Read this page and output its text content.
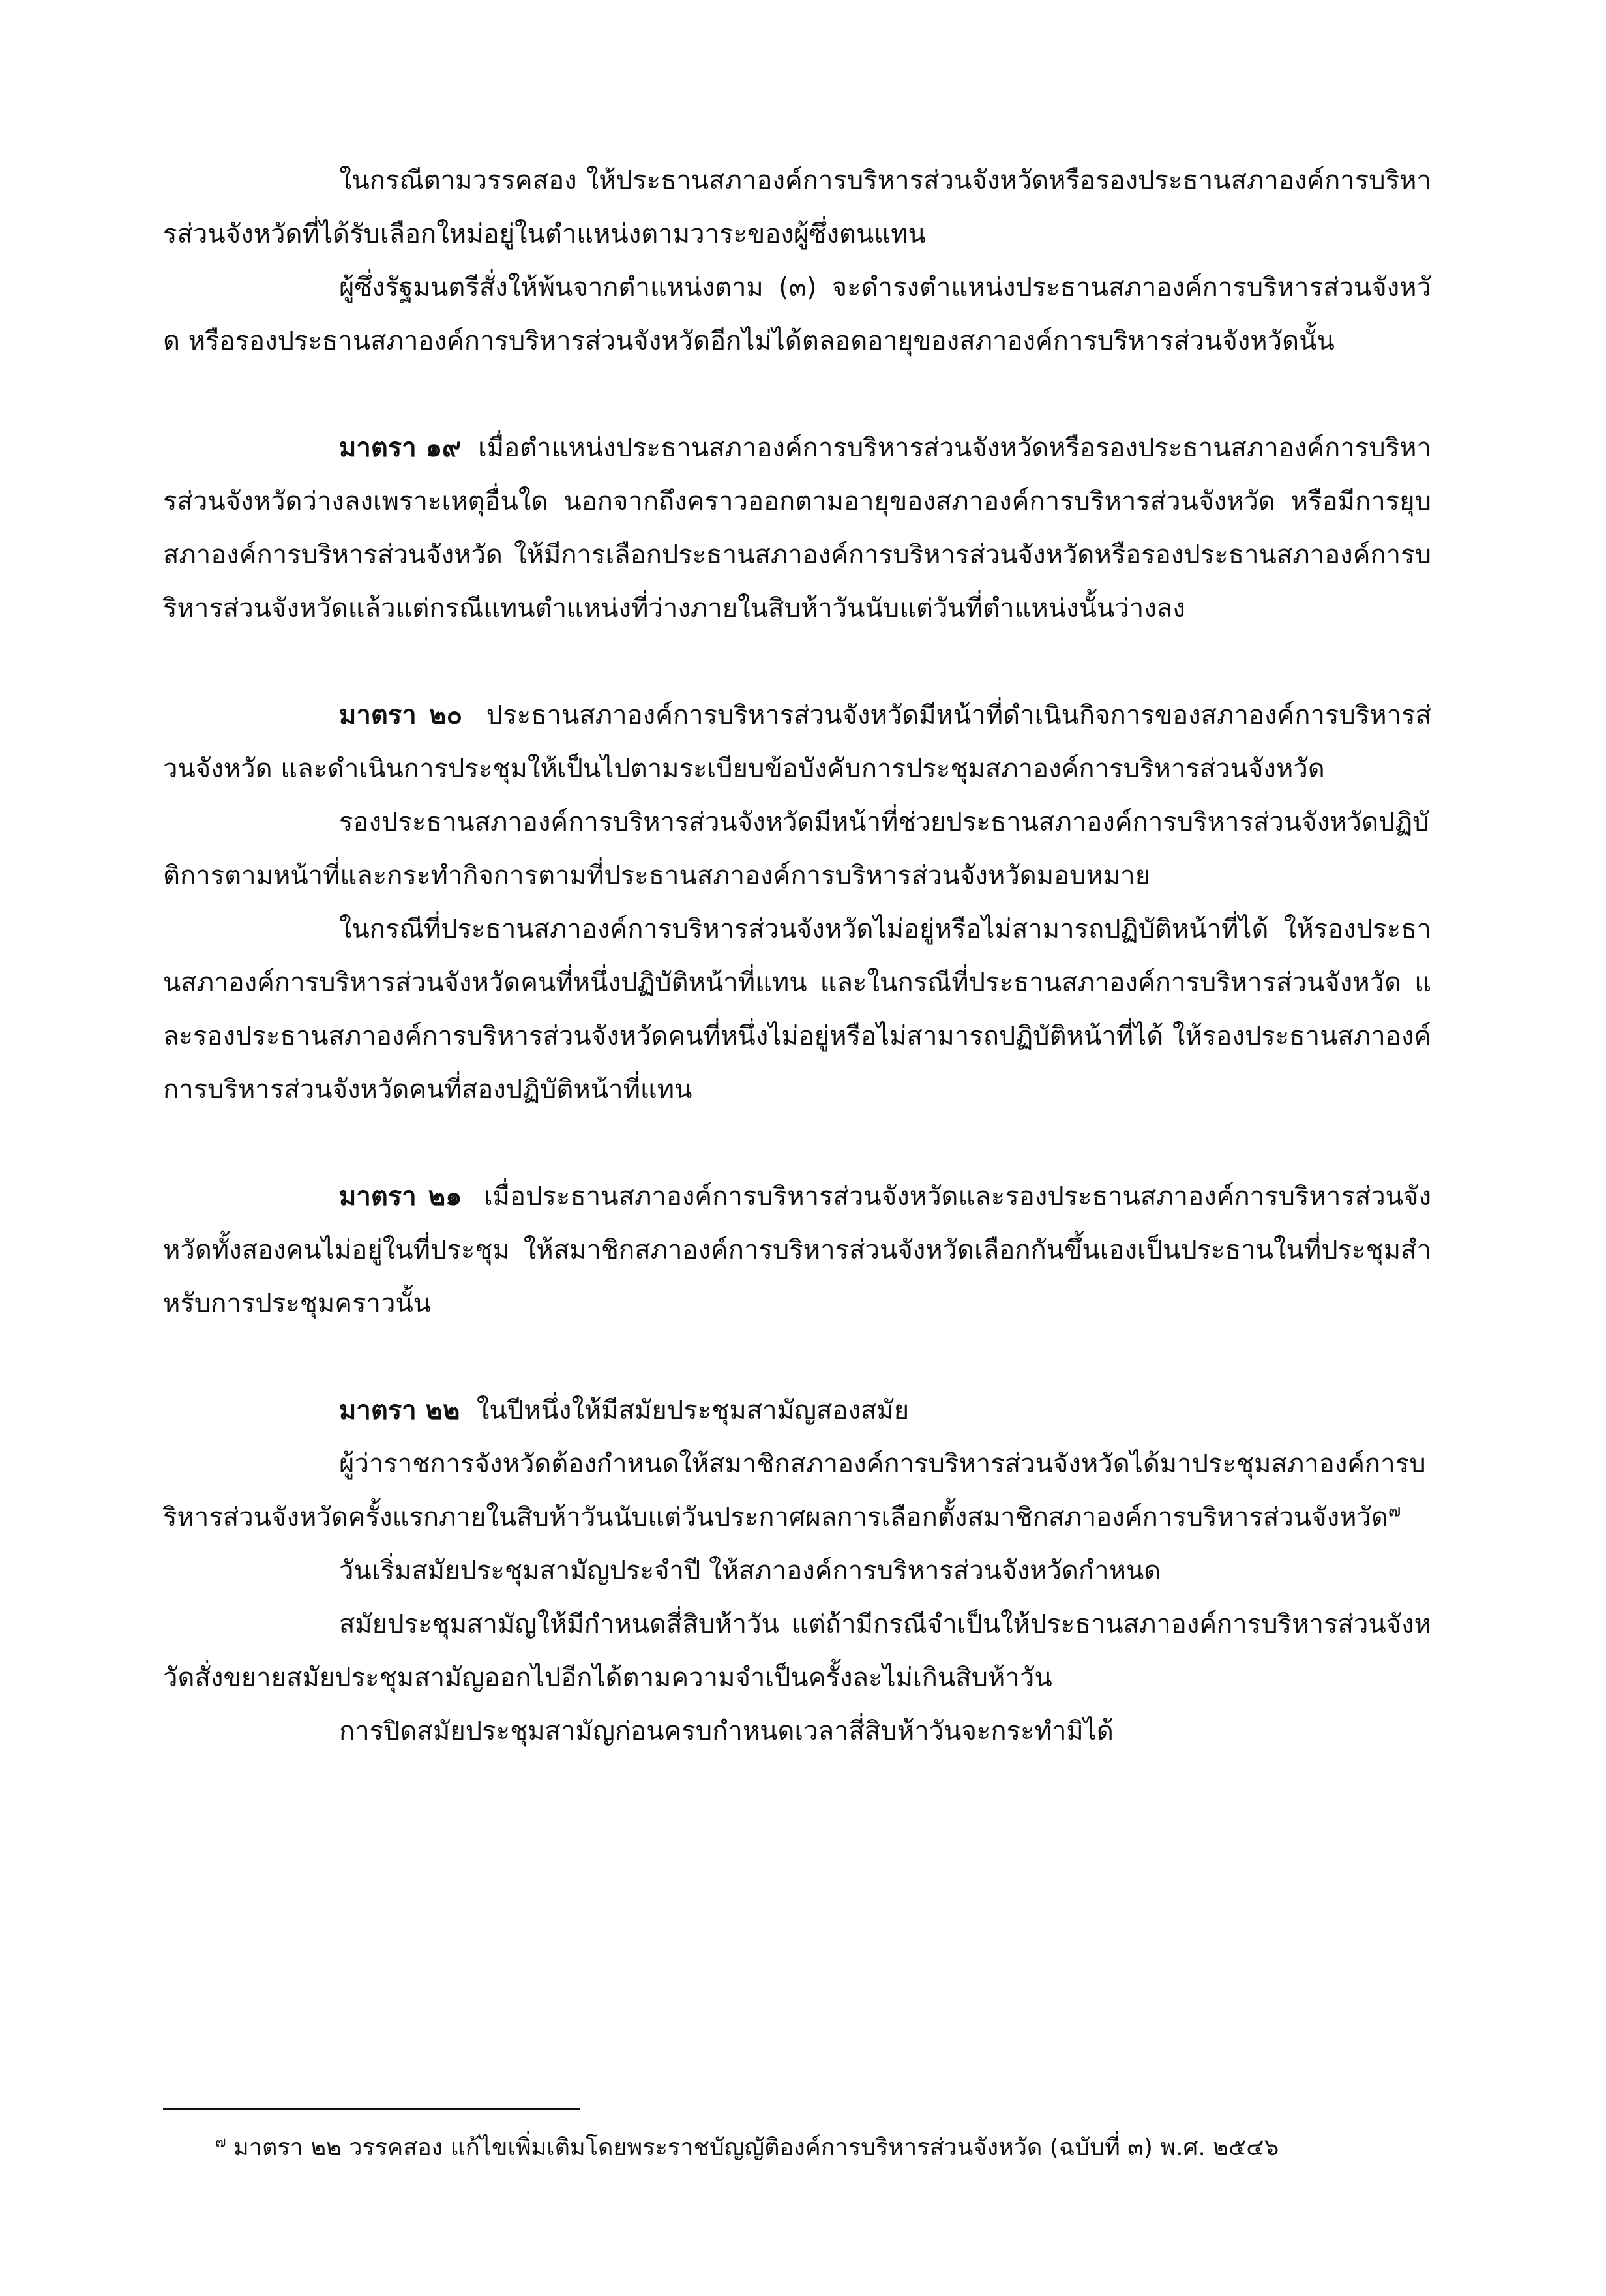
ในกรณีตามวรรคสอง ให้ประธานสภาองค์การบริหารส่วนจังหวัดหรือรองประธานสภาองค์การบริหารส่วนจังหวัดที่ได้รับเลือกใหม่อยู่ในตำแหน่งตามวาระของผู้ซึ่งตนแทน

ผู้ซึ่งรัฐมนตรีสั่งให้พ้นจากตำแหน่งตาม (๓) จะดำรงตำแหน่งประธานสภาองค์การบริหารส่วนจังหวัด หรือรองประธานสภาองค์การบริหารส่วนจังหวัดอีกไม่ได้ตลอดอายุของสภาองค์การบริหารส่วนจังหวัดนั้น

มาตรา ๑๙ เมื่อตำแหน่งประธานสภาองค์การบริหารส่วนจังหวัดหรือรองประธานสภาองค์การบริหารส่วนจังหวัดว่างลงเพราะเหตุอื่นใด นอกจากถึงคราวออกตามอายุของสภาองค์การบริหารส่วนจังหวัด หรือมีการยุบสภาองค์การบริหารส่วนจังหวัด ให้มีการเลือกประธานสภาองค์การบริหารส่วนจังหวัดหรือรองประธานสภาองค์การบริหารส่วนจังหวัดแล้วแต่กรณีแทนตำแหน่งที่ว่างภายในสิบห้าวันนับแต่วันที่ตำแหน่งนั้นว่างลง

มาตรา ๒๐ ประธานสภาองค์การบริหารส่วนจังหวัดมีหน้าที่ดำเนินกิจการของสภาองค์การบริหารส่วนจังหวัด และดำเนินการประชุมให้เป็นไปตามระเบียบข้อบังคับการประชุมสภาองค์การบริหารส่วนจังหวัด

รองประธานสภาองค์การบริหารส่วนจังหวัดมีหน้าที่ช่วยประธานสภาองค์การบริหารส่วนจังหวัดปฏิบัติการตามหน้าที่และกระทำกิจการตามที่ประธานสภาองค์การบริหารส่วนจังหวัดมอบหมาย

ในกรณีที่ประธานสภาองค์การบริหารส่วนจังหวัดไม่อยู่หรือไม่สามารถปฏิบัติหน้าที่ได้ ให้รองประธานสภาองค์การบริหารส่วนจังหวัดคนที่หนึ่งปฏิบัติหน้าที่แทน และในกรณีที่ประธานสภาองค์การบริหารส่วนจังหวัด และรองประธานสภาองค์การบริหารส่วนจังหวัดคนที่หนึ่งไม่อยู่หรือไม่สามารถปฏิบัติหน้าที่ได้ ให้รองประธานสภาองค์การบริหารส่วนจังหวัดคนที่สองปฏิบัติหน้าที่แทน

มาตรา ๒๑ เมื่อประธานสภาองค์การบริหารส่วนจังหวัดและรองประธานสภาองค์การบริหารส่วนจังหวัดทั้งสองคนไม่อยู่ในที่ประชุม ให้สมาชิกสภาองค์การบริหารส่วนจังหวัดเลือกกันขึ้นเองเป็นประธานในที่ประชุมสำหรับการประชุมคราวนั้น

มาตรา ๒๒ ในปีหนึ่งให้มีสมัยประชุมสามัญสองสมัย

ผู้ว่าราชการจังหวัดต้องกำหนดให้สมาชิกสภาองค์การบริหารส่วนจังหวัดได้มาประชุมสภาองค์การบริหารส่วนจังหวัดครั้งแรกภายในสิบห้าวันนับแต่วันประกาศผลการเลือกตั้งสมาชิกสภาองค์การบริหารส่วนจังหวัด$^๗$

วันเริ่มสมัยประชุมสามัญประจำปี ให้สภาองค์การบริหารส่วนจังหวัดกำหนด

สมัยประชุมสามัญให้มีกำหนดสี่สิบห้าวัน แต่ถ้ามีกรณีจำเป็นให้ประธานสภาองค์การบริหารส่วนจังหวัดสั่งขยายสมัยประชุมสามัญออกไปอีกได้ตามความจำเป็นครั้งละไม่เกินสิบห้าวัน

การปิดสมัยประชุมสามัญก่อนครบกำหนดเวลาสี่สิบห้าวันจะกระทำมิได้

$^๗$ มาตรา ๒๒ วรรคสอง แก้ไขเพิ่มเติมโดยพระราชบัญญัติองค์การบริหารส่วนจังหวัด (ฉบับที่ ๓) พ.ศ. ๒๕๔๖
